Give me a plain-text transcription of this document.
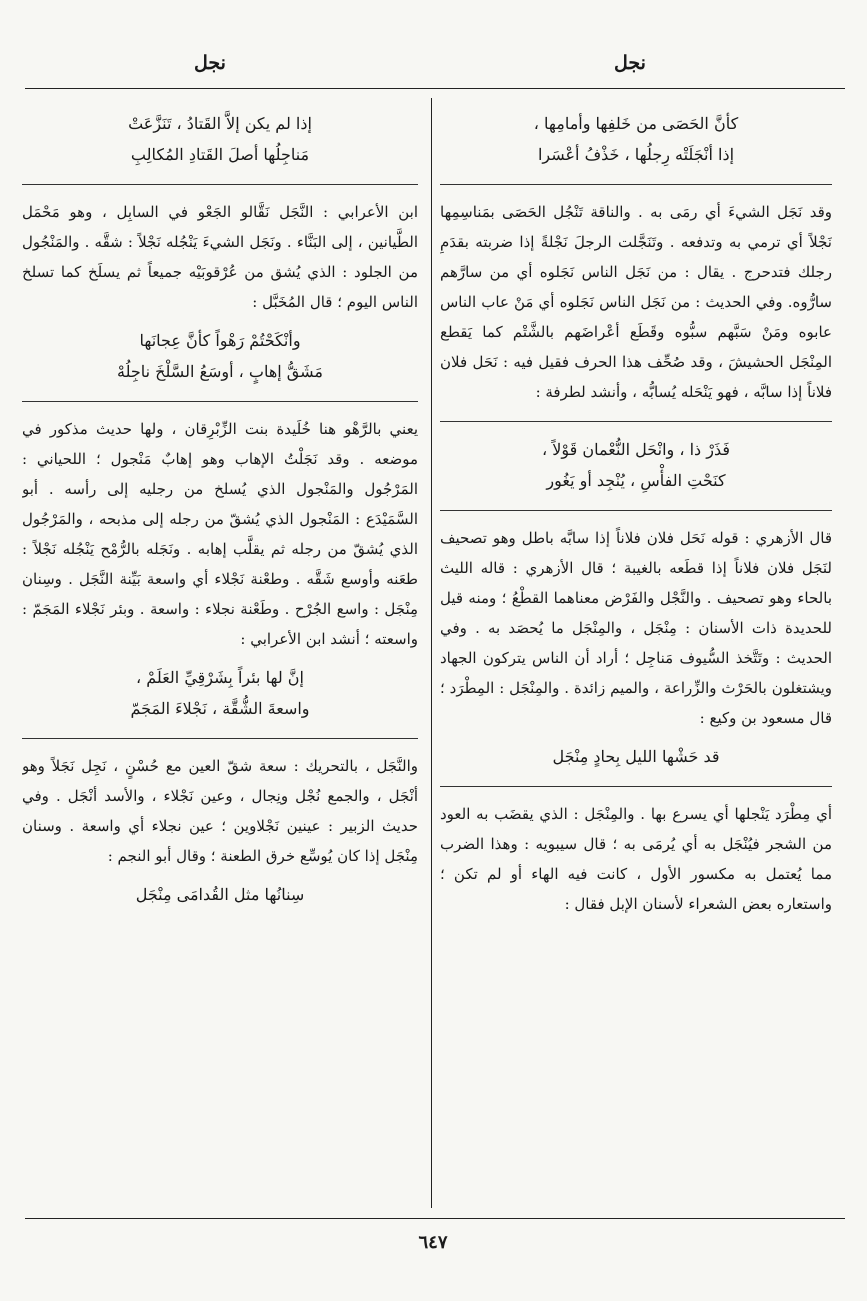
نجل
نجل
كأنَّ الحَصَى من خَلفِها وأمامِها ،
إذا أنْجَلَتْه رِجلُها ، خَذْفُ أعْسَرا

وقد نَجَل الشيءَ أي رمَى به . والناقة تَنْجُل الحَصَى بمَناسِمِها نَجْلاً أي ترمي به وتدفعه . وتَنَجَّلت الرجلَ نَجْلةً إذا ضربته بقدَمِ رجلك فتدحرج . يقال : من نَجَل الناس نَجَلوه أي من سارَّهم سارُّوه. وفي الحديث : من نَجَل الناس نَجَلوه أي مَنْ عاب الناس عابوه ومَنْ سَبَّهم سبُّوه وقَطَع أعْراضَهم بالشَّتْم كما يَقطع المِنْجَل الحشيشَ ، وقد صُحِّف هذا الحرف فقيل فيه : نَحَل فلان فلاناً إذا سابَّه ، فهو يَنْحَله يُسابُّه ، وأنشد لطرفة :

فَذَرْ ذا ، وانْحَل النُّعْمان قَوْلاً ،
كنَحْتِ الفأْسِ ، يُنْجِد أو يَغُور

قال الأزهري : قوله نَحَل فلان فلاناً إذا سابَّه باطل وهو تصحيف لنَجَل فلان فلاناً إذا قطَعه بالغيبة ؛ قال الأزهري : قاله الليث بالحاء وهو تصحيف . والنَّجْل والفَرْض معناهما القطْعُ ؛ ومنه قيل للحديدة ذات الأسنان : مِنْجَل ، والمِنْجَل ما يُحصَد به . وفي الحديث : وتَتَّخذ السُّيوف مَناجِل ؛ أراد أن الناس يتركون الجهاد ويشتغلون بالحَرْث والزِّراعة ، والميم زائدة . والمِنْجَل : المِطْرَد ؛ قال مسعود بن وكيع :

قد حَشْها الليل بِحادٍ مِنْجَل

أي مِطْرَد يَنْجلها أي يسرع بها . والمِنْجَل : الذي يقضَب به العود من الشجر فيُنْجَل به أي يُرمَى به ؛ قال سيبويه : وهذا الضرب مما يُعتمل به مكسور الأول ، كانت فيه الهاء أو لم تكن ؛ واستعاره بعض الشعراء لأسنان الإبل فقال :

إذا لم يكن إلاَّ القَتادُ ، تَنَزَّعَتْ
مَناجِلُها أصلَ القَتادِ المُكالِبِ

ابن الأعرابي : النَّجَل نَقَّالو الجَعْو في السابِل ، وهو مَحْمَل الطَّيانين ، إلى البَنَّاء . ونَجَل الشيءَ يَنْجُله نَجْلاً : شقَّه . والمَنْجُول من الجلود : الذي يُشق من عُرْقوبَيْه جميعاً ثم يسلَخ كما تسلخ الناس اليوم ؛ قال المُخَبَّل :

وأنْكَحْتُمْ رَهْواً كأنَّ عِجانَها
مَشَقُّ إهابٍ ، أوسَعُ السَّلْخَ ناجِلُهْ

يعني بالرَّهْو هنا خُلَيدة بنت الزِّبْرِقان ، ولها حديث مذكور في موضعه . وقد نَجَلْتُ الإهاب وهو إهابٌ مَنْجول ؛ اللحياني : المَرْجُول والمَنْجول الذي يُسلخ من رجليه إلى رأسه . أبو السَّمَيْدَع : المَنْجول الذي يُشقّ من رجله إلى مذبحه ، والمَرْجُول الذي يُشقّ من رجله ثم يقلَّب إهابه . ونَجَله بالرُّمْح يَنْجُله نَجْلاً : طعَنه وأوسع شَقَّه . وطعْنة نَجْلاء أي واسعة بَيِّنة النَّجَل . وسِنان مِنْجَل : واسع الجُرْح . وطَعْنة نجلاء : واسعة . وبئر نَجْلاء المَجَمّ : واسعته ؛ أنشد ابن الأعرابي :

إنَّ لها بئراً بِشَرْقِيِّ العَلَمْ ،
واسعةَ الشُّقَّة ، نَجْلاءَ المَجَمّ

والنَّجَل ، بالتحريك : سعة شقّ العين مع حُسْنٍ ، نَجِل نَجَلاً وهو أنْجَل ، والجمع نُجْل ونِجال ، وعين نَجْلاء ، والأسد أنْجَل . وفي حديث الزبير : عينين نَجْلاوين ؛ عين نجلاء أي واسعة . وسنان مِنْجَل إذا كان يُوسِّع خرق الطعنة ؛ وقال أبو النجم :

سِنانُها مثل القُدامَى مِنْجَل
٦٤٧
